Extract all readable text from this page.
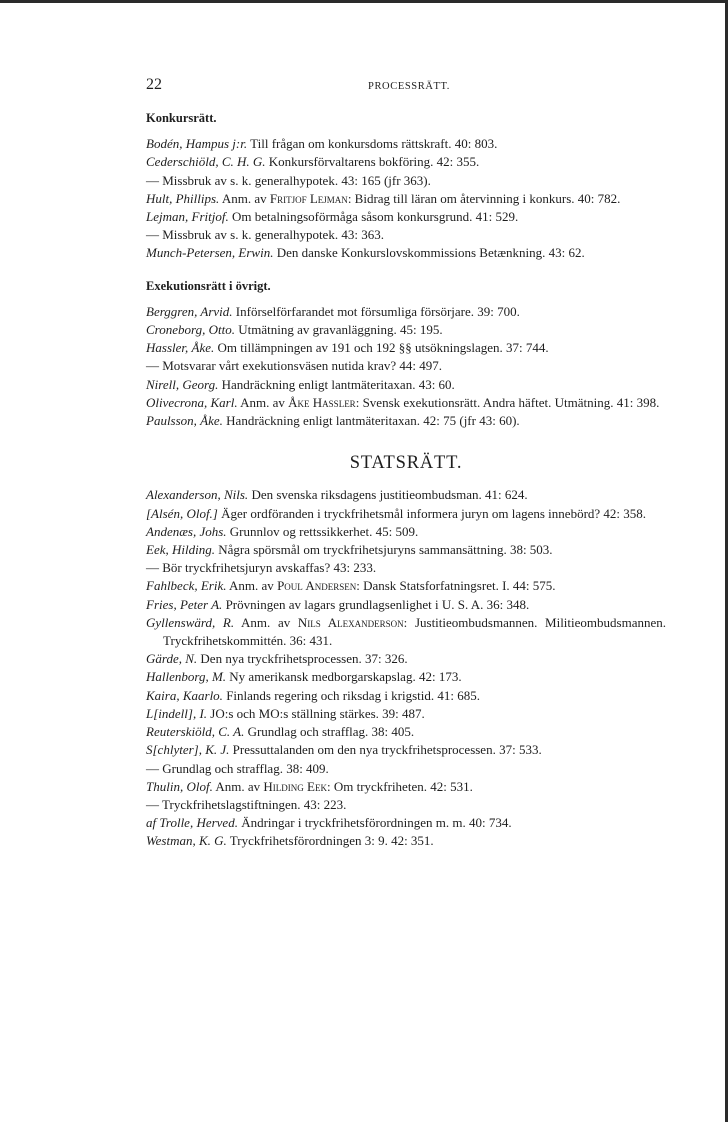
22	PROCESSRÄTT.
Konkursrätt.
Bodén, Hampus j:r. Till frågan om konkursdoms rättskraft. 40: 803.
Cederschiöld, C. H. G. Konkursförvaltarens bokföring. 42: 355.
— Missbruk av s. k. generalhypotek. 43: 165 (jfr 363).
Hult, Phillips. Anm. av Fritjof Lejman: Bidrag till läran om återvinning i konkurs. 40: 782.
Lejman, Fritjof. Om betalningsoförmåga såsom konkursgrund. 41: 529.
— Missbruk av s. k. generalhypotek. 43: 363.
Munch-Petersen, Erwin. Den danske Konkurslovskommissions Betænkning. 43: 62.
Exekutionsrätt i övrigt.
Berggren, Arvid. Införselförfarandet mot försumliga försörjare. 39: 700.
Croneborg, Otto. Utmätning av gravanläggning. 45: 195.
Hassler, Åke. Om tillämpningen av 191 och 192 §§ utsökningslagen. 37: 744.
— Motsvarar vårt exekutionsväsen nutida krav? 44: 497.
Nirell, Georg. Handräckning enligt lantmäteritaxan. 43: 60.
Olivecrona, Karl. Anm. av Åke Hassler: Svensk exekutionsrätt. Andra häftet. Utmätning. 41: 398.
Paulsson, Åke. Handräckning enligt lantmäteritaxan. 42: 75 (jfr 43: 60).
STATSRÄTT.
Alexanderson, Nils. Den svenska riksdagens justitieombudsman. 41: 624.
[Alsén, Olof.] Äger ordföranden i tryckfrihetsmål informera juryn om lagens innebörd? 42: 358.
Andenæs, Johs. Grunnlov og rettssikkerhet. 45: 509.
Eek, Hilding. Några spörsmål om tryckfrihetsjuryns sammansättning. 38: 503.
— Bör tryckfrihetsjuryn avskaffas? 43: 233.
Fahlbeck, Erik. Anm. av Poul Andersen: Dansk Statsforfatningsret. I. 44: 575.
Fries, Peter A. Prövningen av lagars grundlagsenlighet i U. S. A. 36: 348.
Gyllenswärd, R. Anm. av Nils Alexanderson: Justitieombudsmannen. Militieombudsmannen. Tryckfrihetskommittén. 36: 431.
Gärde, N. Den nya tryckfrihetsprocessen. 37: 326.
Hallenborg, M. Ny amerikansk medborgarskapslag. 42: 173.
Kaira, Kaarlo. Finlands regering och riksdag i krigstid. 41: 685.
L[indell], I. JO:s och MO:s ställning stärkes. 39: 487.
Reuterskiöld, C. A. Grundlag och strafflag. 38: 405.
S[chlyter], K. J. Pressuttalanden om den nya tryckfrihetsprocessen. 37: 533.
— Grundlag och strafflag. 38: 409.
Thulin, Olof. Anm. av Hilding Eek: Om tryckfriheten. 42: 531.
— Tryckfrihetslagstiftningen. 43: 223.
af Trolle, Herved. Ändringar i tryckfrihetsförordningen m. m. 40: 734.
Westman, K. G. Tryckfrihetsförordningen 3: 9. 42: 351.
